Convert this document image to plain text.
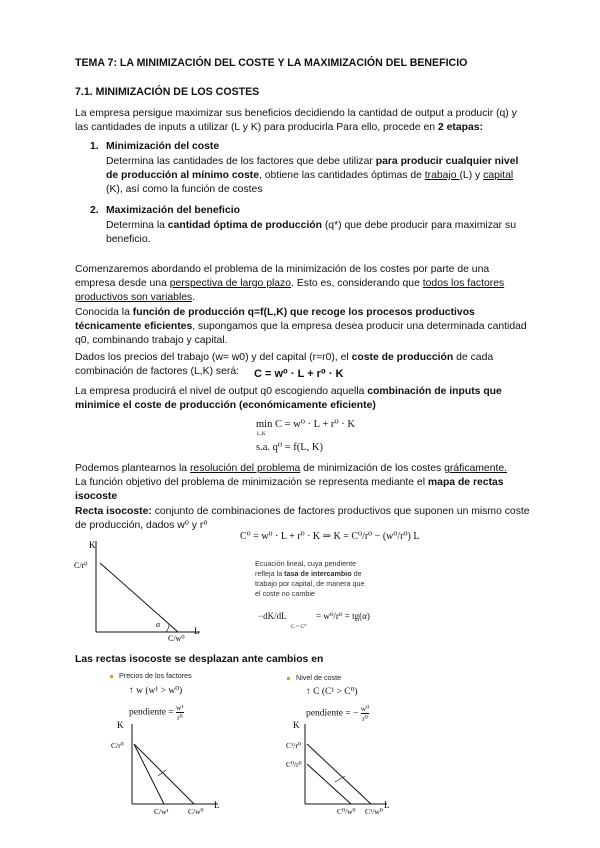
TEMA 7: LA MINIMIZACIÓN DEL COSTE Y LA MAXIMIZACIÓN DEL BENEFICIO
7.1. MINIMIZACIÓN DE LOS COSTES
La empresa persigue maximizar sus beneficios decidiendo la cantidad de output a producir (q) y
las cantidades de inputs a utilizar (L y K) para producirla Para ello, procede en 2 etapas:
1. Minimización del coste
Determina las cantidades de los factores que debe utilizar para producir cualquier nivel
de producción al mínimo coste, obtiene las cantidades óptimas de trabajo (L) y capital
(K), así como la función de costes
2. Maximización del beneficio
Determina la cantidad óptima de producción (q*) que debe producir para maximizar su
beneficio.
Comenzaremos abordando el problema de la minimización de los costes por parte de una
empresa desde una perspectiva de largo plazo. Esto es, considerando que todos los factores
productivos son variables.
Conocida la función de producción q=f(L,K) que recoge los procesos productivos
técnicamente eficientes, supongamos que la empresa desea producir una determinada cantidad
q0, combinando trabajo y capital.
Dados los precios del trabajo (w= w0) y del capital (r=r0), el coste de producción de cada
combinación de factores (L,K) será: C = w⁰ · L + r⁰ · K
La empresa producirá el nivel de output q0 escogiendo aquella combinación de inputs que
minimice el coste de producción (económicamente eficiente)
min C = w⁰ · L + r⁰ · K
L,K
s.a. q⁰ = f(L, K)
Podemos plantearnos la resolución del problema de minimización de los costes gráficamente.
La función objetivo del problema de minimización se representa mediante el mapa de rectas
isocoste
Recta isocoste: conjunto de combinaciones de factores productivos que suponen un mismo coste
de producción, dados w⁰ y r⁰
K
L
C/r⁰
C/w⁰
α
C⁰ = w⁰ · L + r⁰ · K ⇒ K = C⁰/r⁰ − (w⁰/r⁰) L
Ecuación lineal, cuya pendiente
refleja la tasa de intercambio de
trabajo por capital, de manera que
el coste no cambie
−dK/dL
C = C⁰
= w⁰/r⁰ = tg(α)
Las rectas isocoste se desplazan ante cambios en
Precios de los factores
↑ w (w¹ > w⁰)
pendiente = $\frac{\text{w¹}}{\text{r⁰}}$
K
L
C/r⁰
C/w¹	C/w⁰
Nivel de coste
↑ C (C¹ > C⁰)
pendiente = − $\frac{\text{w⁰}}{\text{r⁰}}$
K
L
C¹/r⁰
C⁰/r⁰
C⁰/w⁰ C¹/w⁰
